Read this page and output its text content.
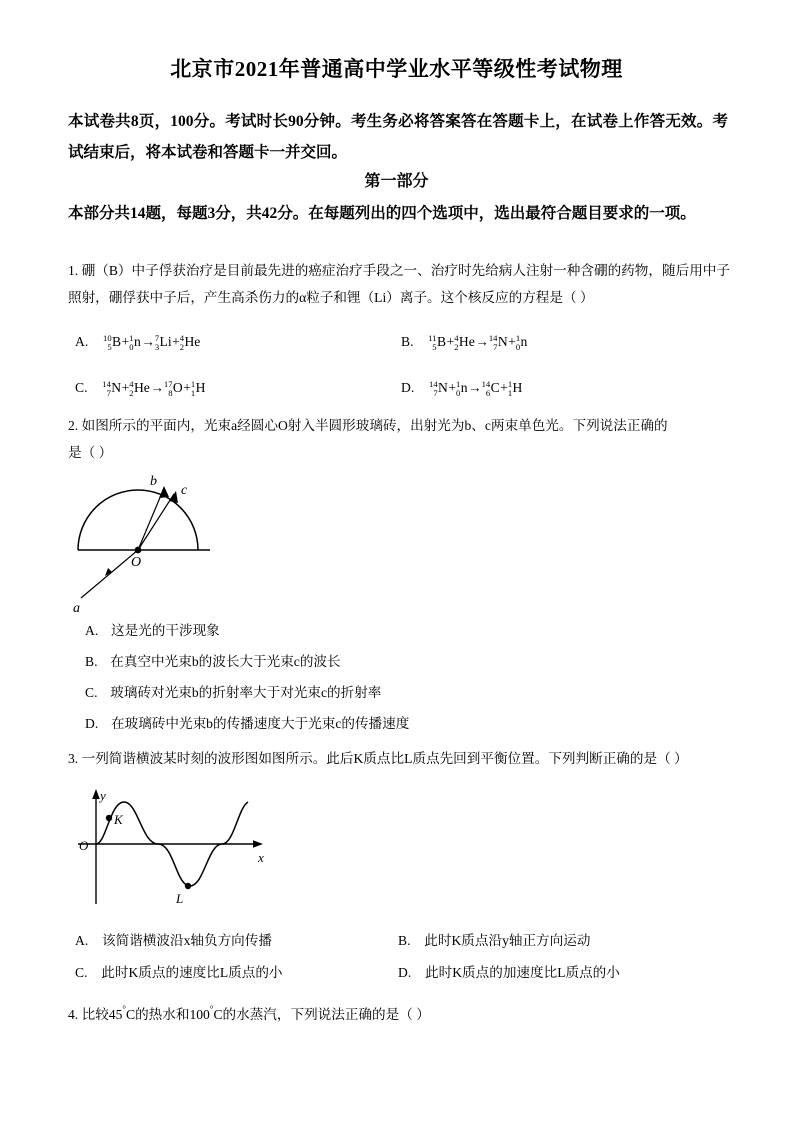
北京市2021年普通高中学业水平等级性考试物理
本试卷共8页，100分。考试时长90分钟。考生务必将答案答在答题卡上，在试卷上作答无效。考试结束后，将本试卷和答题卡一并交回。
第一部分
本部分共14题，每题3分，共42分。在每题列出的四个选项中，选出最符合题目要求的一项。
1. 硼（B）中子俘获治疗是目前最先进的癌症治疗手段之一、治疗时先给病人注射一种含硼的药物，随后用中子照射，硼俘获中子后，产生高杀伤力的α粒子和锂（Li）离子。这个核反应的方程是（ ）
A. 10
5 B+ 1
0 n→ 7
3 Li+ 4
2 He	B. 11
5 B+ 4
2 He→ 14
7 N+ 1
0 n
C. 14
7 N+ 4
2 He→ 17
8 O+ 1
1 H	D. 14
7 N+ 1
0 n→ 14
6 C+ 1
1 H
2. 如图所示的平面内，光束a经圆心O射入半圆形玻璃砖，出射光为b、c两束单色光。下列说法正确的
是（ ）
b
c
O
a
A. 这是光的干涉现象
B. 在真空中光束b的波长大于光束c的波长
C. 玻璃砖对光束b的折射率大于对光束c的折射率
D. 在玻璃砖中光束b的传播速度大于光束c的传播速度
3. 一列简谐横波某时刻的波形图如图所示。此后K质点比L质点先回到平衡位置。下列判断正确的是（ ）
y
x
O
K
L
A. 该简谐横波沿x轴负方向传播	B. 此时K质点沿y轴正方向运动
C. 此时K质点的速度比L质点的小	D. 此时K质点的加速度比L质点的小
4. 比较45°C的热水和100°C的水蒸汽，下列说法正确的是（ ）
